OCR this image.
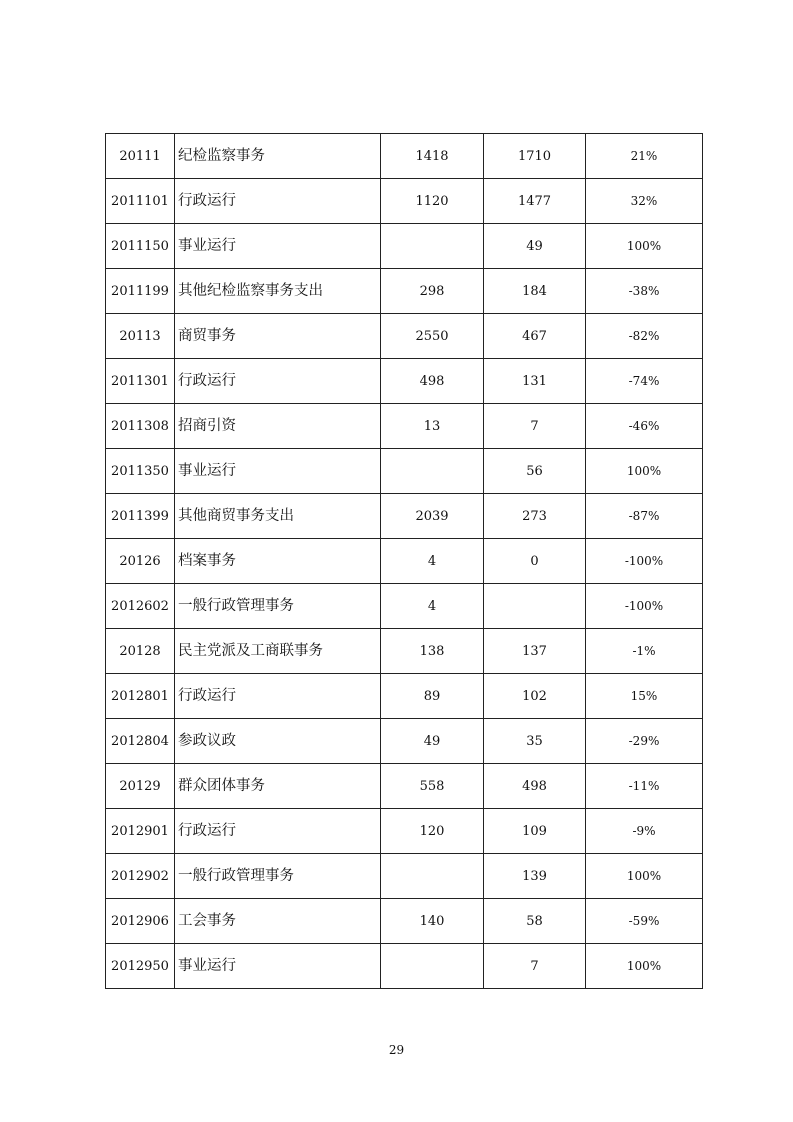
20111	纪检监察事务	1418	1710	21%
2011101	行政运行	1120	1477	32%
2011150	事业运行		49	100%
2011199	其他纪检监察事务支出	298	184	-38%
20113	商贸事务	2550	467	-82%
2011301	行政运行	498	131	-74%
2011308	招商引资	13	7	-46%
2011350	事业运行		56	100%
2011399	其他商贸事务支出	2039	273	-87%
20126	档案事务	4	0	-100%
2012602	一般行政管理事务	4		-100%
20128	民主党派及工商联事务	138	137	-1%
2012801	行政运行	89	102	15%
2012804	参政议政	49	35	-29%
20129	群众团体事务	558	498	-11%
2012901	行政运行	120	109	-9%
2012902	一般行政管理事务		139	100%
2012906	工会事务	140	58	-59%
2012950	事业运行		7	100%
29
